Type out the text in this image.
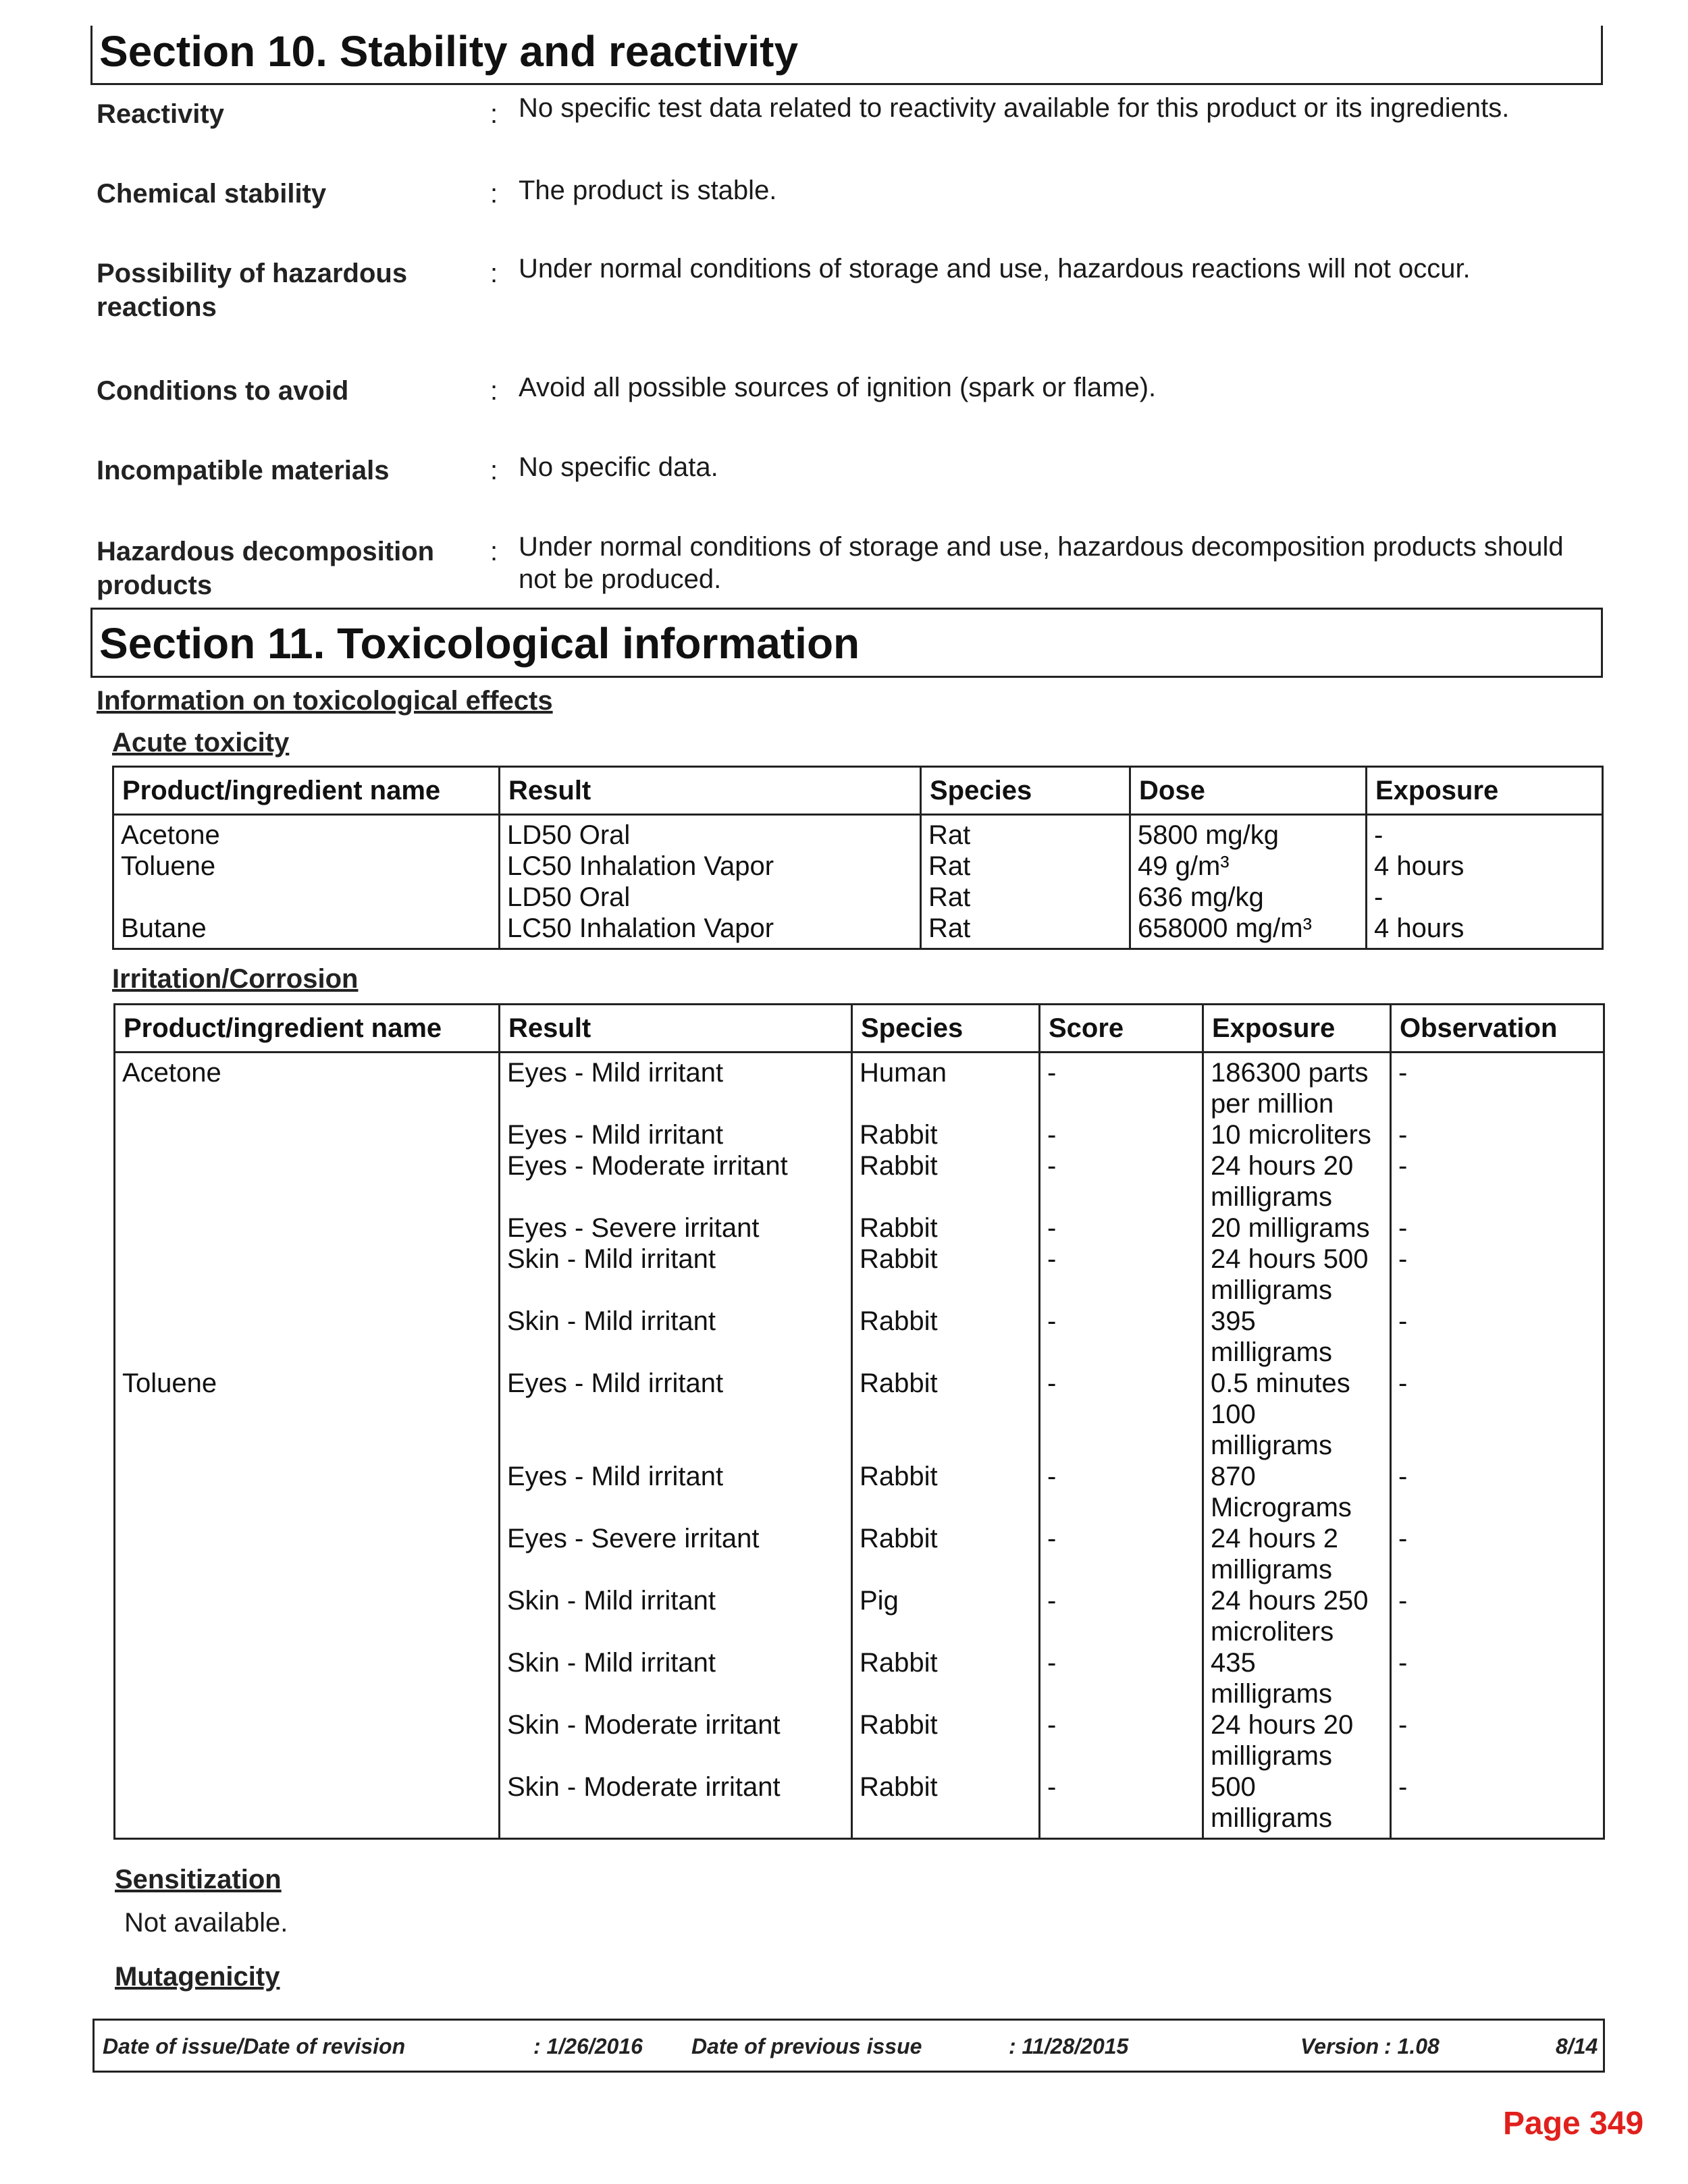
Section 10. Stability and reactivity
Reactivity	: No specific test data related to reactivity available for this product or its ingredients.
Chemical stability	: The product is stable.
Possibility of hazardous reactions
: Under normal conditions of storage and use, hazardous reactions will not occur.
Conditions to avoid	: Avoid all possible sources of ignition (spark or flame).
Incompatible materials	: No specific data.
Hazardous decomposition products
: Under normal conditions of storage and use, hazardous decomposition products should not be produced.
Section 11. Toxicological information
Information on toxicological effects
Acute toxicity
Product/ingredient name	Result	Species	Dose	Exposure
Acetone	LD50 Oral	Rat	5800 mg/kg	-
Toluene	LC50 Inhalation Vapor	Rat	49 g/m³	4 hours
	LD50 Oral	Rat	636 mg/kg	-
Butane	LC50 Inhalation Vapor	Rat	658000 mg/m³	4 hours
Irritation/Corrosion
Product/ingredient name	Result	Species	Score	Exposure	Observation
Acetone	Eyes - Mild irritant	Human	-	186300 parts per million	-
	Eyes - Mild irritant	Rabbit	-	10 microliters	-
	Eyes - Moderate irritant	Rabbit	-	24 hours 20 milligrams	-
	Eyes - Severe irritant	Rabbit	-	20 milligrams	-
	Skin - Mild irritant	Rabbit	-	24 hours 500 milligrams	-
	Skin - Mild irritant	Rabbit	-	395 milligrams	-
Toluene	Eyes - Mild irritant	Rabbit	-	0.5 minutes 100 milligrams	-
	Eyes - Mild irritant	Rabbit	-	870 Micrograms	-
	Eyes - Severe irritant	Rabbit	-	24 hours 2 milligrams	-
	Skin - Mild irritant	Pig	-	24 hours 250 microliters	-
	Skin - Mild irritant	Rabbit	-	435 milligrams	-
	Skin - Moderate irritant	Rabbit	-	24 hours 20 milligrams	-
	Skin - Moderate irritant	Rabbit	-	500 milligrams	-
Sensitization
Not available.
Mutagenicity
Date of issue/Date of revision	: 1/26/2016 Date of previous issue	: 11/28/2015	Version : 1.08	8/14
Page 349
